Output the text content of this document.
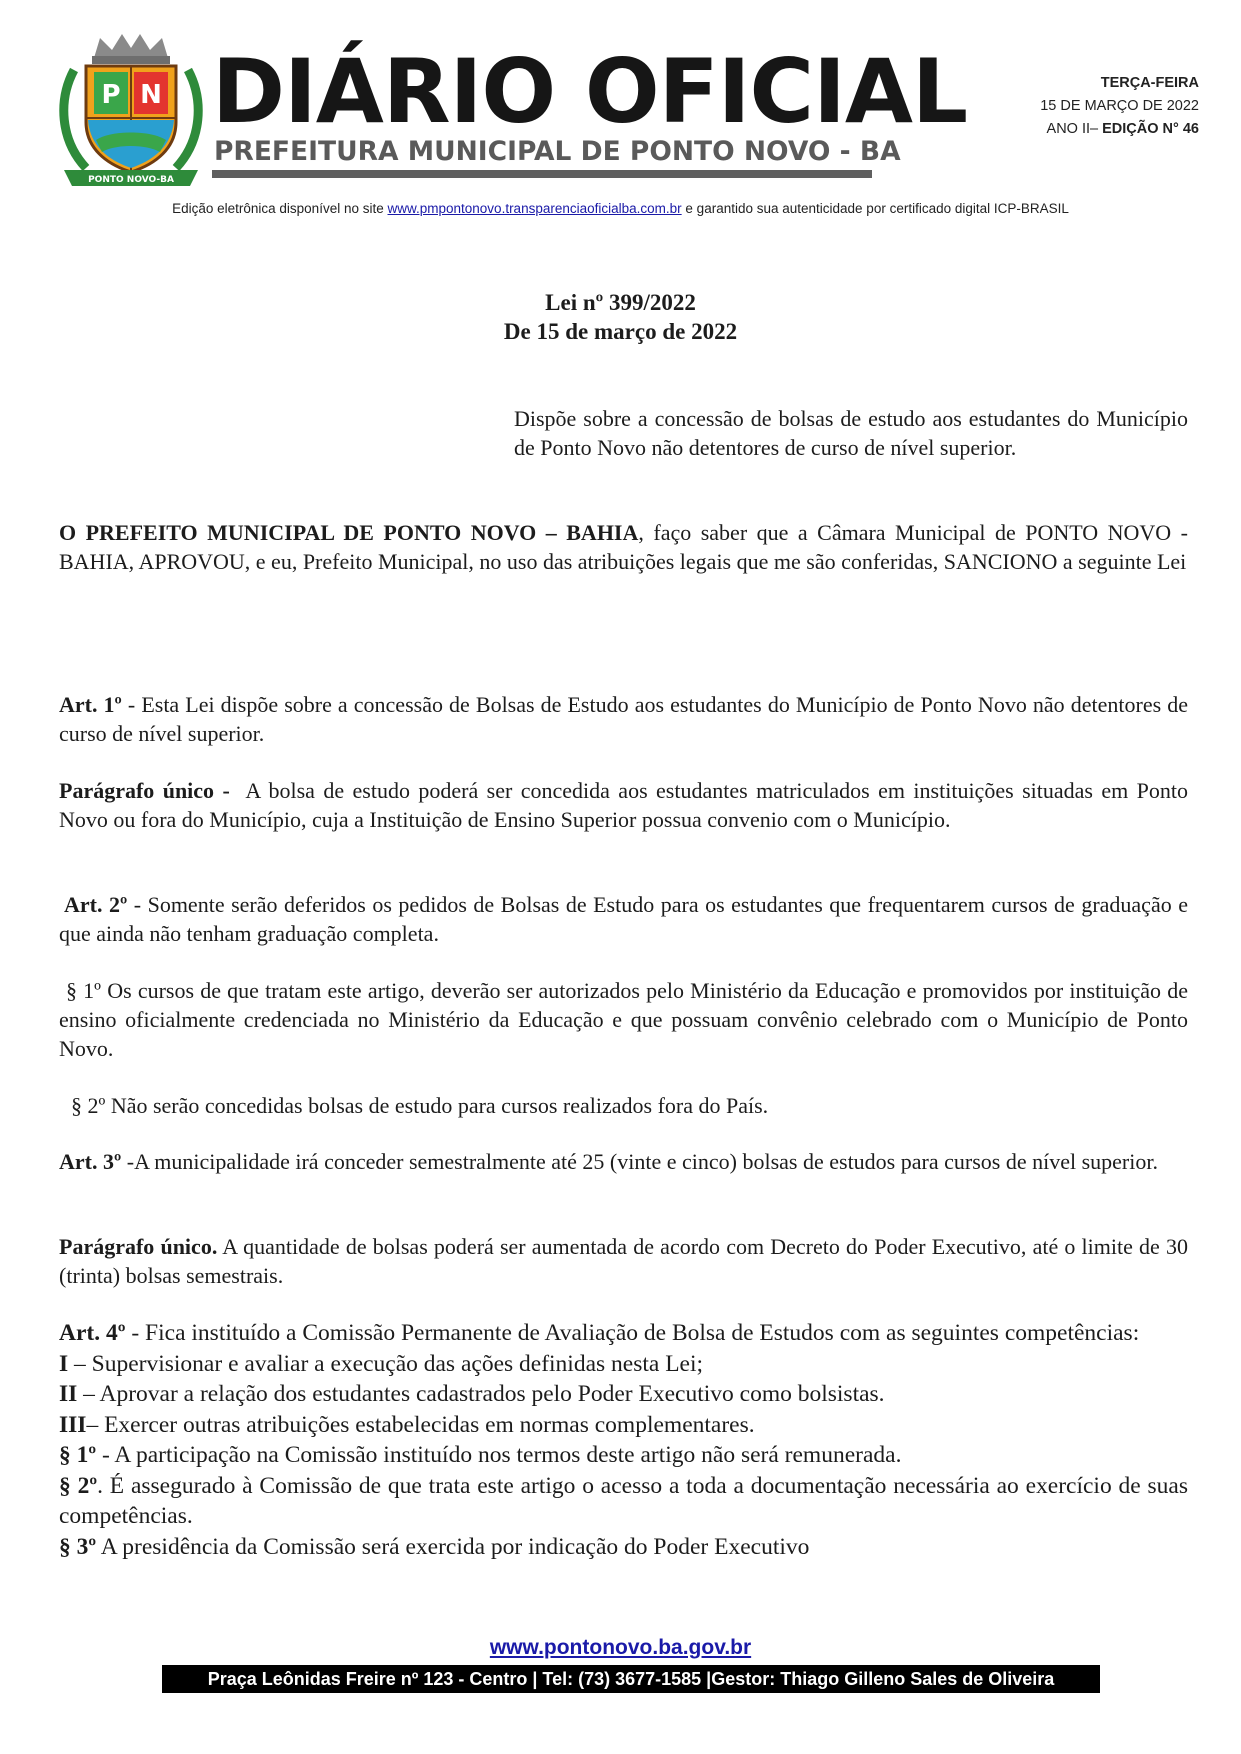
P N
PONTO NOVO-BA
DIÁRIO OFICIAL
PREFEITURA MUNICIPAL DE PONTO NOVO - BA
TERÇA-FEIRA
15 DE MARÇO DE 2022
ANO II– EDIÇÃO N° 46
Edição eletrônica disponível no site www.pmpontonovo.transparenciaoficialba.com.br e garantido sua autenticidade por certificado digital ICP-BRASIL
Lei nº 399/2022
De 15 de março de 2022
Dispõe sobre a concessão de bolsas de estudo aos estudantes do Município de Ponto Novo não detentores de curso de nível superior.
O PREFEITO MUNICIPAL DE PONTO NOVO – BAHIA, faço saber que a Câmara Municipal de PONTO NOVO - BAHIA, APROVOU, e eu, Prefeito Municipal, no uso das atribuições legais que me são conferidas, SANCIONO a seguinte Lei
Art. 1º - Esta Lei dispõe sobre a concessão de Bolsas de Estudo aos estudantes do Município de Ponto Novo não detentores de curso de nível superior.
Parágrafo único -  A bolsa de estudo poderá ser concedida aos estudantes matriculados em instituições situadas em Ponto Novo ou fora do Município, cuja a Instituição de Ensino Superior possua convenio com o Município.
Art. 2º - Somente serão deferidos os pedidos de Bolsas de Estudo para os estudantes que frequentarem cursos de graduação e que ainda não tenham graduação completa.
§ 1º Os cursos de que tratam este artigo, deverão ser autorizados pelo Ministério da Educação e promovidos por instituição de ensino oficialmente credenciada no Ministério da Educação e que possuam convênio celebrado com o Município de Ponto Novo.
§ 2º Não serão concedidas bolsas de estudo para cursos realizados fora do País.
Art. 3º -A municipalidade irá conceder semestralmente até 25 (vinte e cinco) bolsas de estudos para cursos de nível superior.
Parágrafo único. A quantidade de bolsas poderá ser aumentada de acordo com Decreto do Poder Executivo, até o limite de 30 (trinta) bolsas semestrais.
Art. 4º - Fica instituído a Comissão Permanente de Avaliação de Bolsa de Estudos com as seguintes competências:
I – Supervisionar e avaliar a execução das ações definidas nesta Lei;
II – Aprovar a relação dos estudantes cadastrados pelo Poder Executivo como bolsistas.
III– Exercer outras atribuições estabelecidas em normas complementares.
§ 1º - A participação na Comissão instituído nos termos deste artigo não será remunerada.
§ 2º. É assegurado à Comissão de que trata este artigo o acesso a toda a documentação necessária ao exercício de suas competências.
§ 3º A presidência da Comissão será exercida por indicação do Poder Executivo
www.pontonovo.ba.gov.br
Praça Leônidas Freire nº 123 - Centro | Tel: (73) 3677-1585 |Gestor: Thiago Gilleno Sales de Oliveira
